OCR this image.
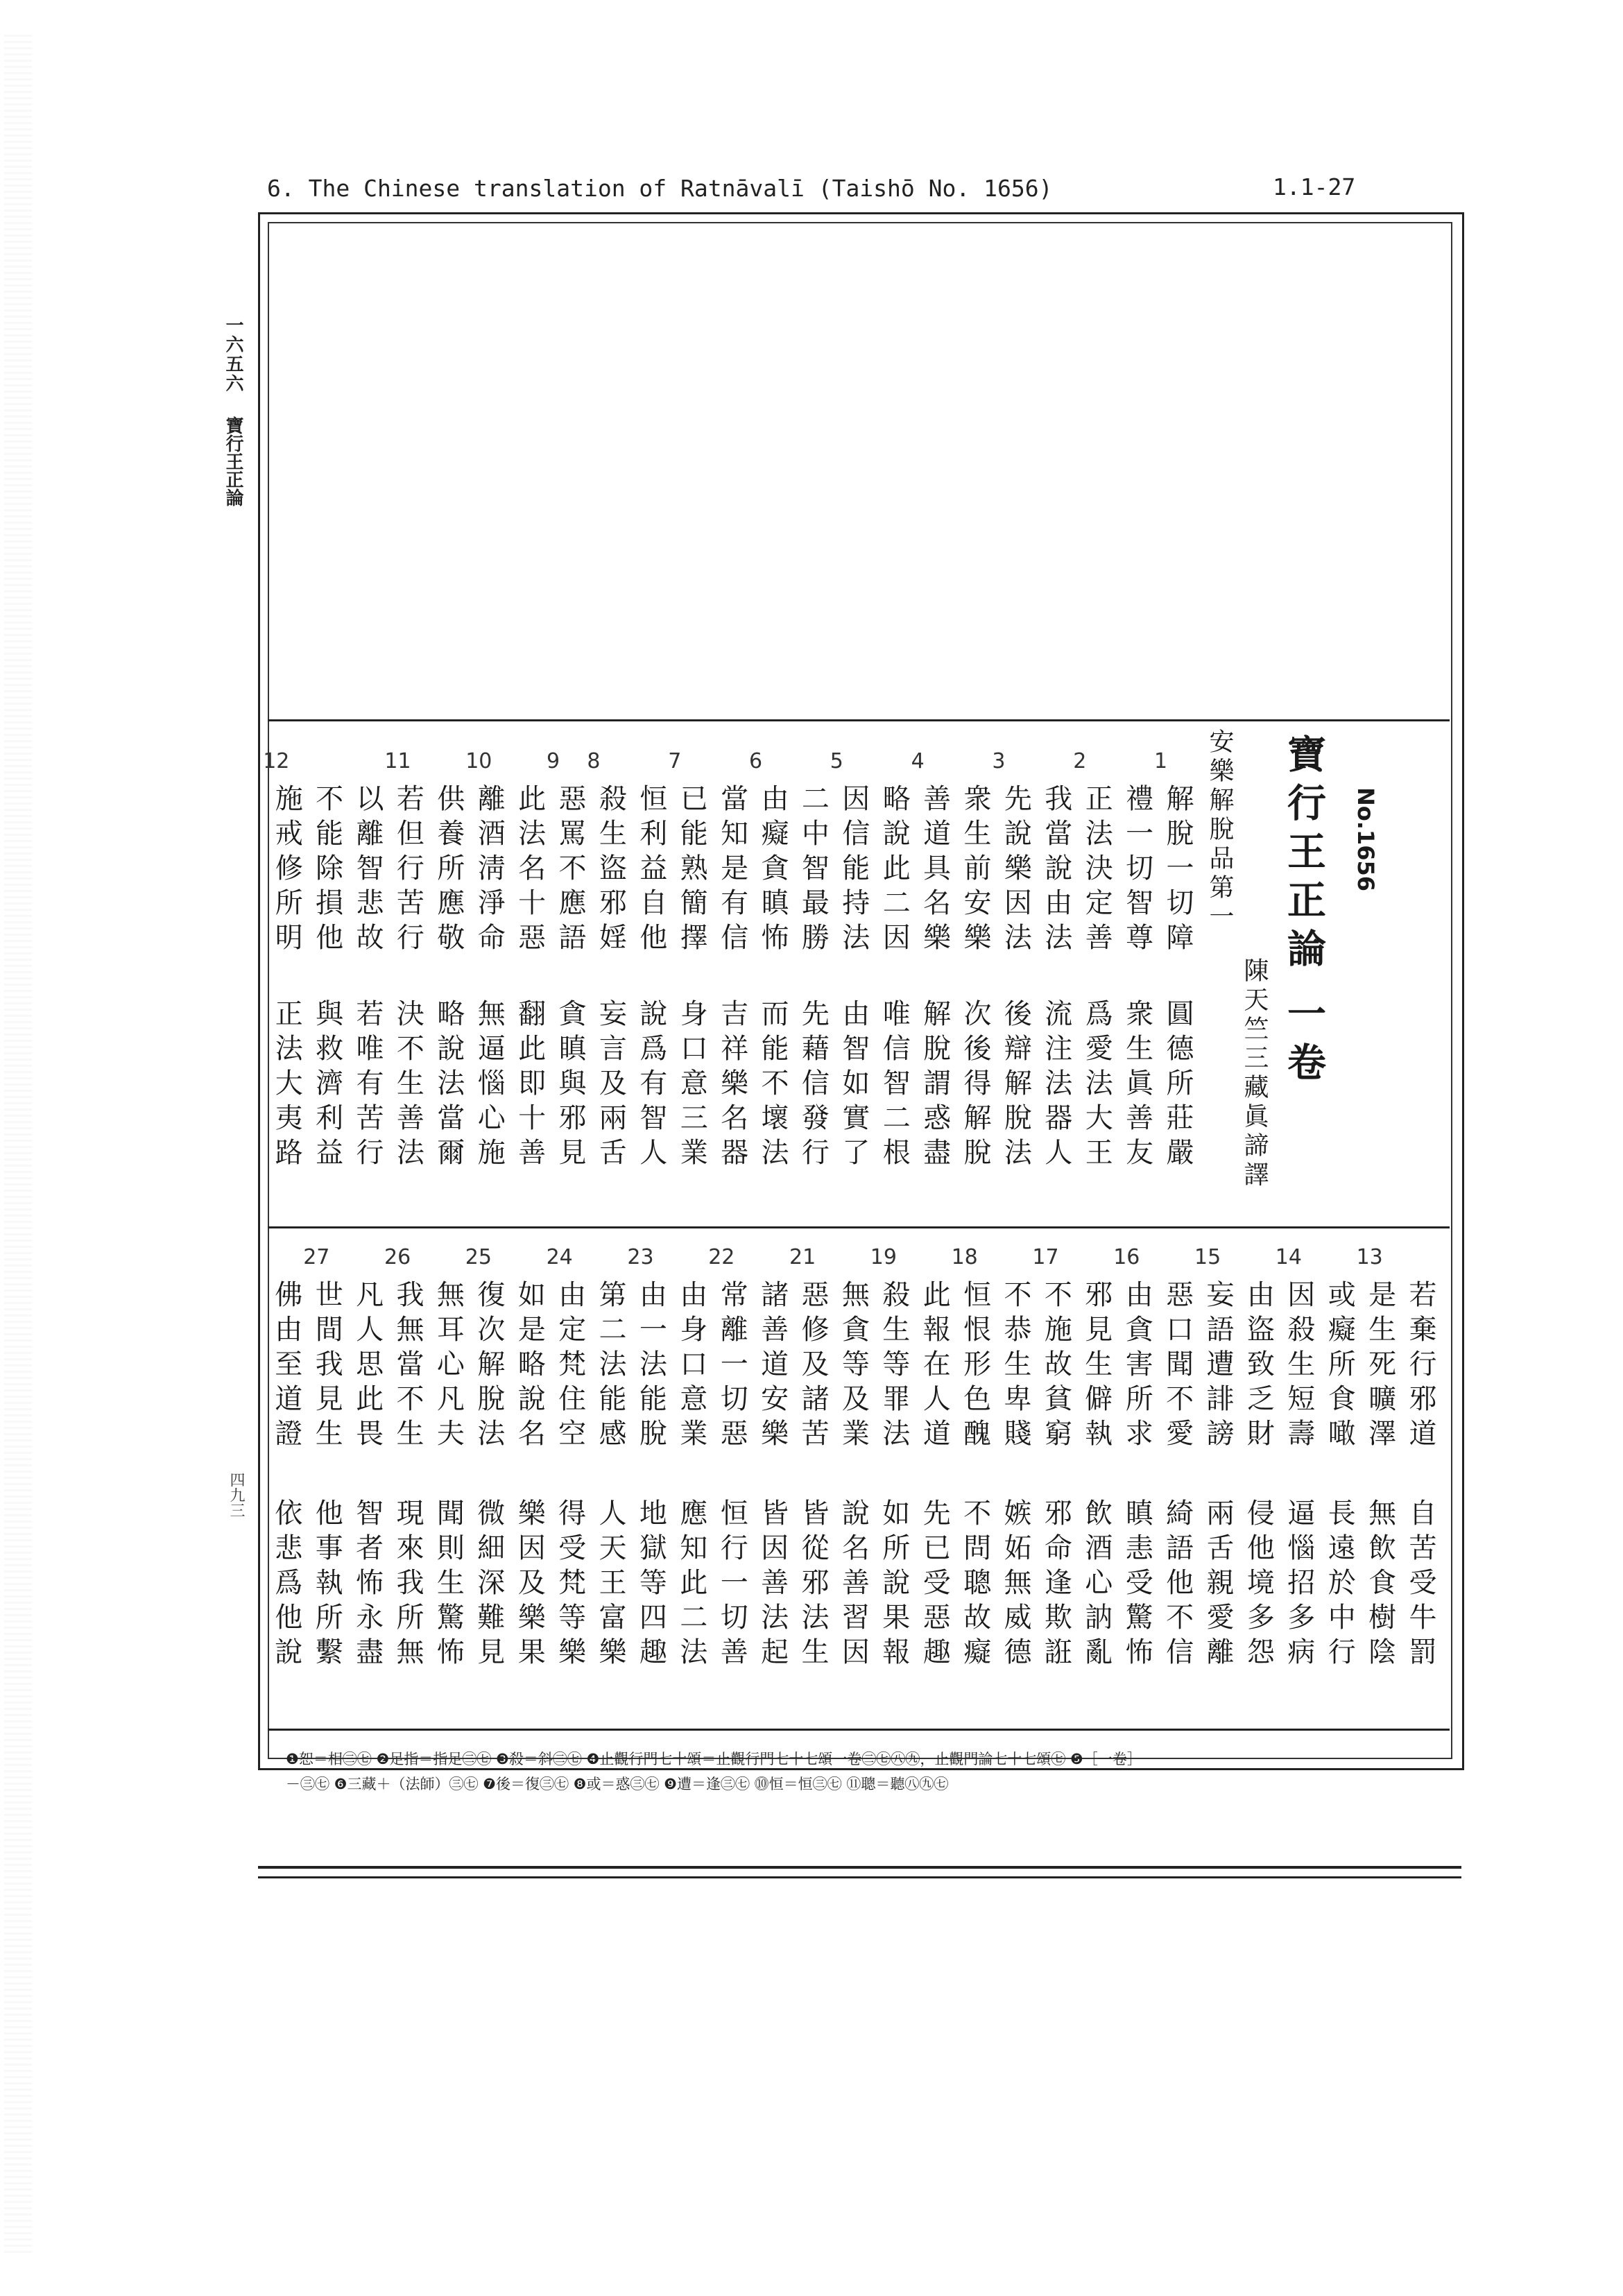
6. The Chinese translation of Ratnāvalī (Taishō No. 1656)	1.1-27
一六五六
寶行王正論
四九三
寶行王正論一卷
No.1656
陳天竺三藏眞諦譯
安樂解脫品第一
1
解脫一切障
圓德所莊嚴
禮一切智尊
衆生眞善友
2
正法決定善
爲愛法大王
我當說由法
流注法器人
3
先說樂因法
後辯解脫法
衆生前安樂
次後得解脫
4
善道具名樂
解脫謂惑盡
略說此二因
唯信智二根
5
因信能持法
由智如實了
二中智最勝
先藉信發行
6
由癡貪瞋怖
而能不壞法
當知是有信
吉祥樂名器
7
已能熟簡擇
身口意三業
恒利益自他
說爲有智人
8
殺生盜邪婬
妄言及兩舌
9
惡罵不應語
貪瞋與邪見
此法名十惡
翻此即十善
10
離酒淸淨命
無逼惱心施
供養所應敬
略說法當爾
11
若但行苦行
決不生善法
以離智悲故
若唯有苦行
不能除損他
與救濟利益
12
施戒修所明
正法大夷路
若棄行邪道
自苦受牛罰
13
是生死曠澤
無飲食樹陰
或癡所食噉
長遠於中行
14
因殺生短壽
逼惱招多病
由盜致乏財
侵他境多怨
15
妄語遭誹謗
兩舌親愛離
惡口聞不愛
綺語他不信
16
由貪害所求
瞋恚受驚怖
邪見生僻執
飲酒心訥亂
17
不施故貧窮
邪命逢欺誑
不恭生卑賤
嫉妬無威德
18
恒恨形色醜
不問聰故癡
此報在人道
先已受惡趣
19
殺生等罪法
如所說果報
無貪等及業
說名善習因
21
惡修及諸苦
皆從邪法生
諸善道安樂
皆因善法起
22
常離一切惡
恒行一切善
由身口意業
應知此二法
23
由一法能脫
地獄等四趣
第二法能感
人天王富樂
24
由定梵住空
得受梵等樂
如是略說名
樂因及樂果
25
復次解脫法
微細深難見
無耳心凡夫
聞則生驚怖
26
我無當不生
現來我所無
凡人思此畏
智者怖永盡
27
世間我見生
他事執所繫
佛由至道證
依悲爲他說
❶恕＝相㊂㊆ ❷足指＝指足㊂㊆ ❸殺＝斜㊂㊆ ❹止觀行門七十頌＝止觀行門七十七頌一卷㊂㊆㊇㊈，止觀門論七十七頌㊆ ❺［一卷］
－㊂㊆ ❻三藏＋（法師）㊂㊆ ❼後＝復㊂㊆ ❽或＝惑㊂㊆ ❾遭＝逢㊂㊆ ⓾恒＝恒㊂㊆ ⑪聰＝聽㊇㊈㊆
